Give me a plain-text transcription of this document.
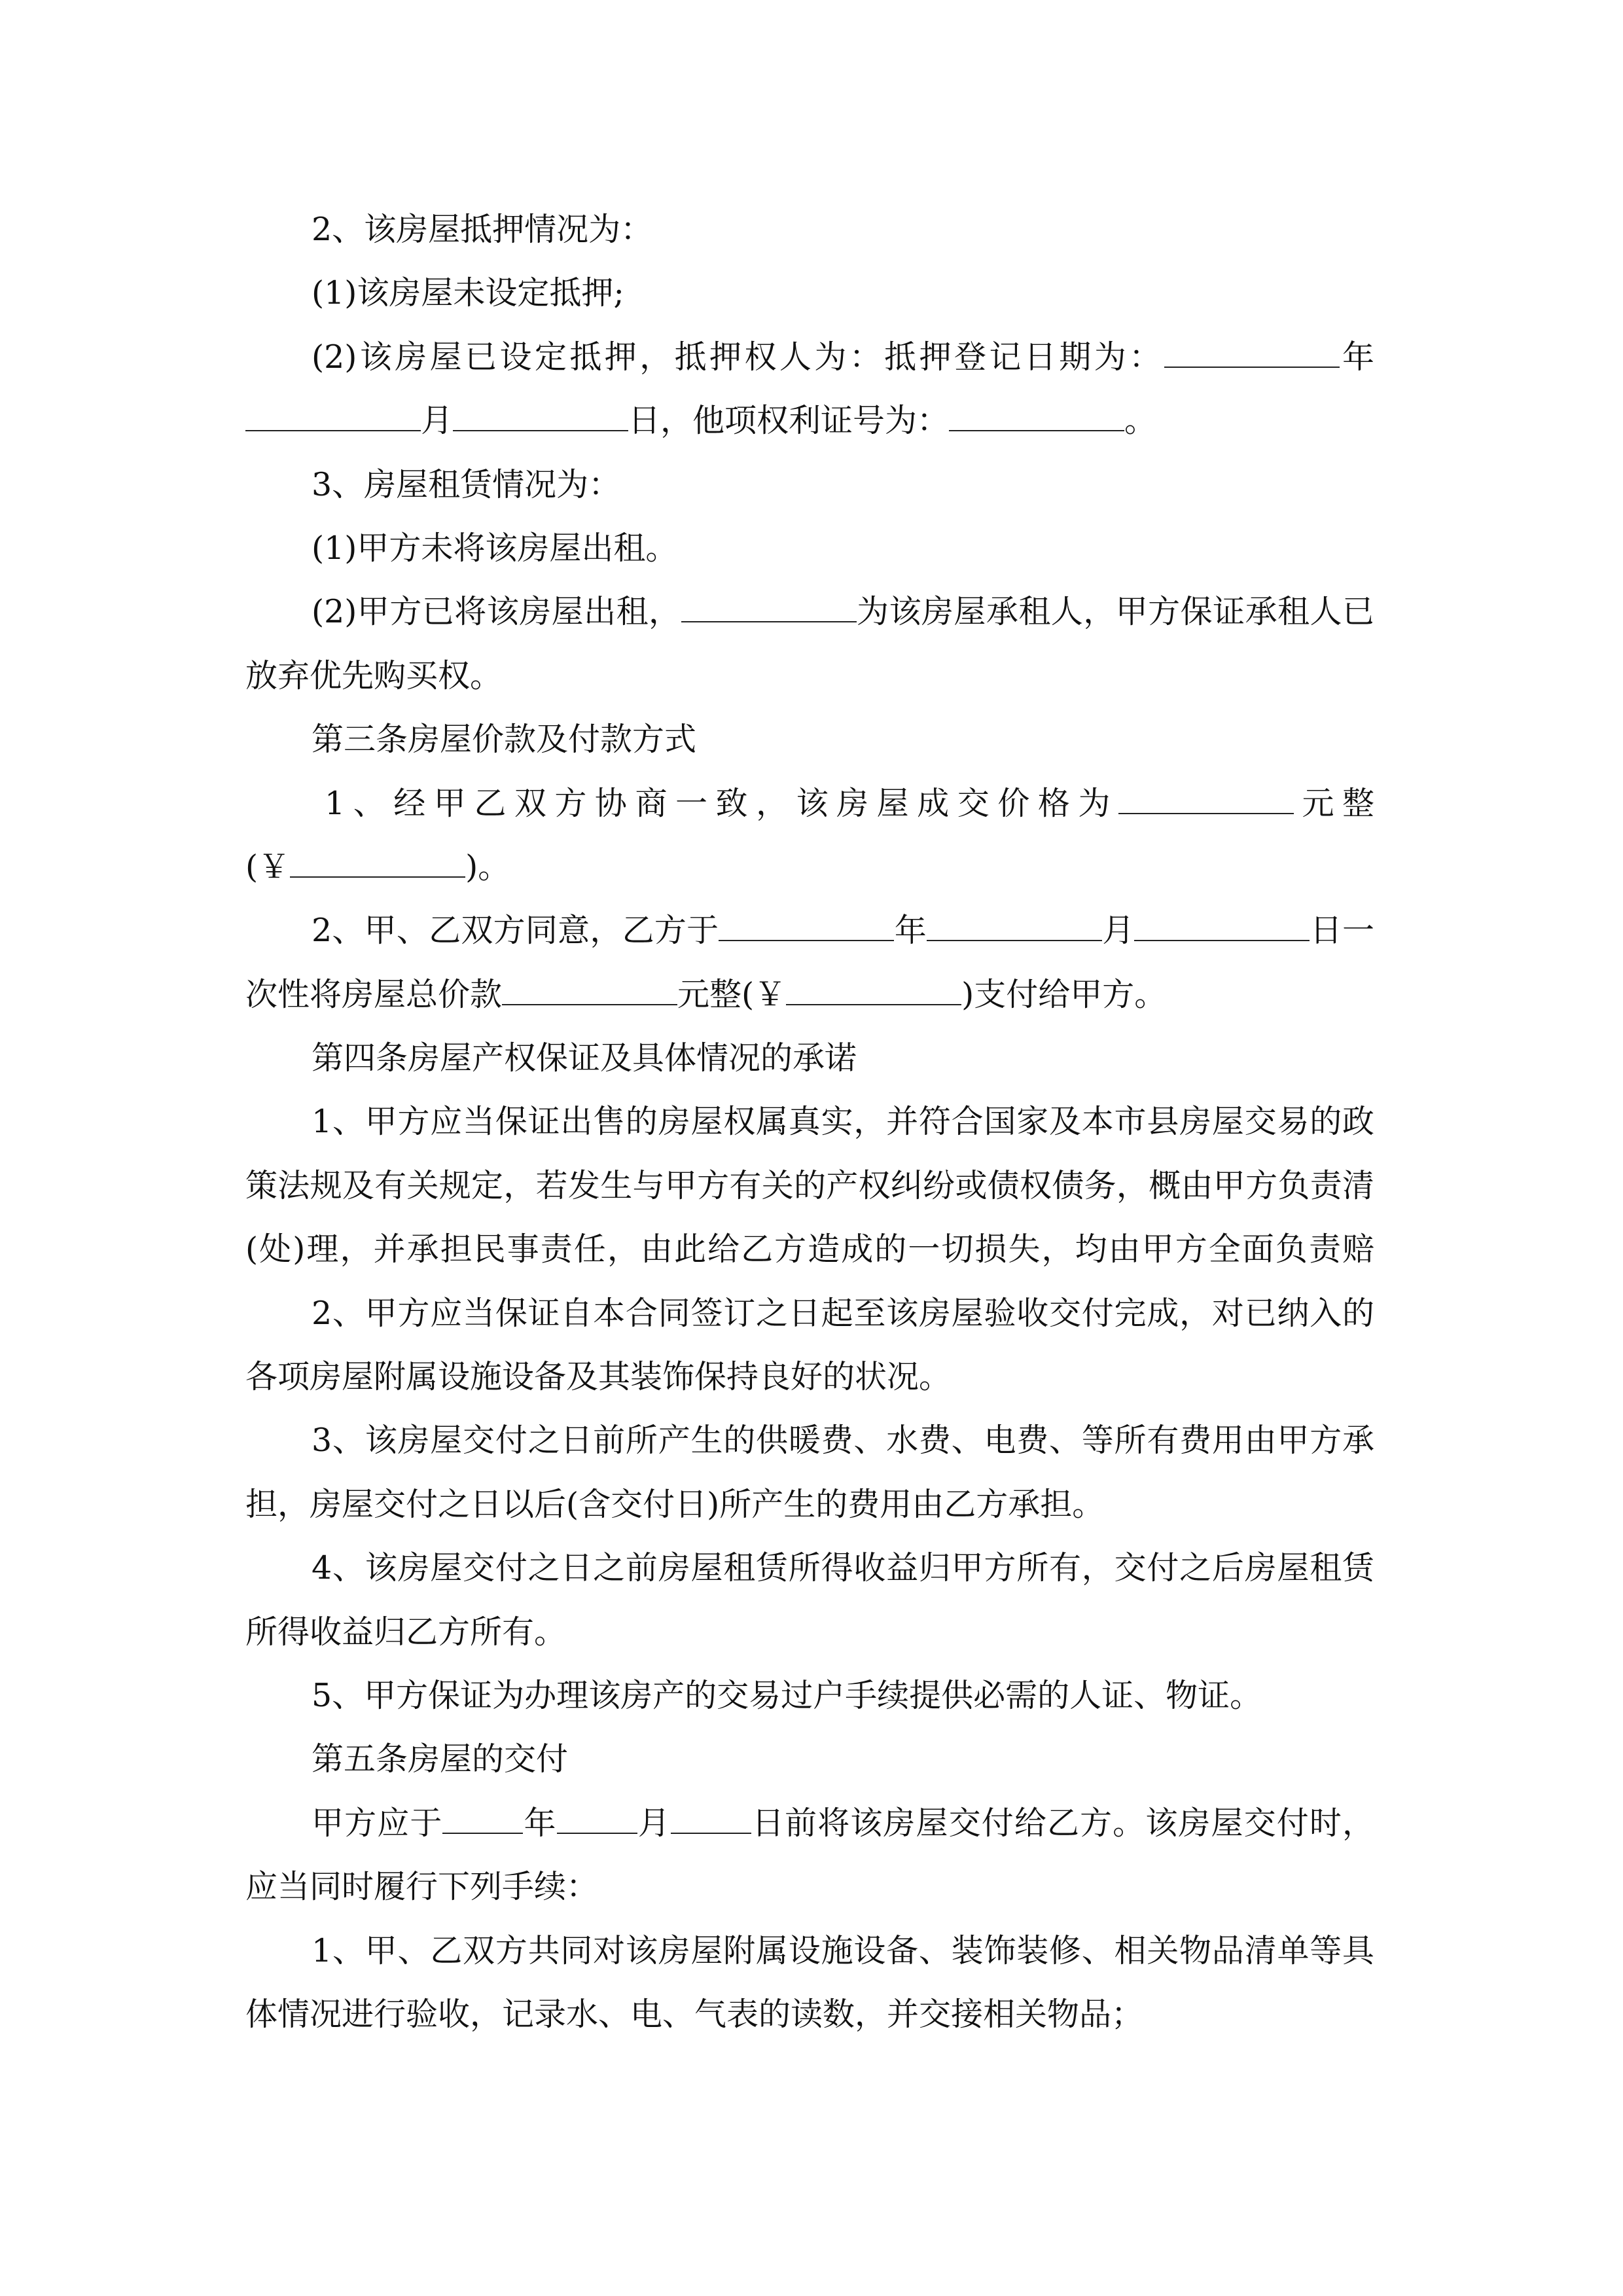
2、该房屋抵押情况为：
(1)该房屋未设定抵押;
(2)该房屋已设定抵押，抵押权人为：抵押登记日期为：	年
月	日，他项权利证号为：	。
3、房屋租赁情况为：
(1)甲方未将该房屋出租。
(2)甲方已将该房屋出租，	为该房屋承租人，甲方保证承租人已
放弃优先购买权。
第三条房屋价款及付款方式
1、经甲乙双方协商一致，该房屋成交价格为	元整
(￥	)。
2、甲、乙双方同意，乙方于	年	月	日一
次性将房屋总价款	元整(￥	)支付给甲方。
第四条房屋产权保证及具体情况的承诺
1、甲方应当保证出售的房屋权属真实，并符合国家及本市县房屋交易的政
策法规及有关规定，若发生与甲方有关的产权纠纷或债权债务，概由甲方负责清
(处)理，并承担民事责任，由此给乙方造成的一切损失，均由甲方全面负责赔
2、甲方应当保证自本合同签订之日起至该房屋验收交付完成，对已纳入的
各项房屋附属设施设备及其装饰保持良好的状况。
3、该房屋交付之日前所产生的供暖费、水费、电费、等所有费用由甲方承
担，房屋交付之日以后(含交付日)所产生的费用由乙方承担。
4、该房屋交付之日之前房屋租赁所得收益归甲方所有，交付之后房屋租赁
所得收益归乙方所有。
5、甲方保证为办理该房产的交易过户手续提供必需的人证、物证。
第五条房屋的交付
甲方应于	年	月	日前将该房屋交付给乙方。该房屋交付时，
应当同时履行下列手续：
1、甲、乙双方共同对该房屋附属设施设备、装饰装修、相关物品清单等具
体情况进行验收，记录水、电、气表的读数，并交接相关物品；
